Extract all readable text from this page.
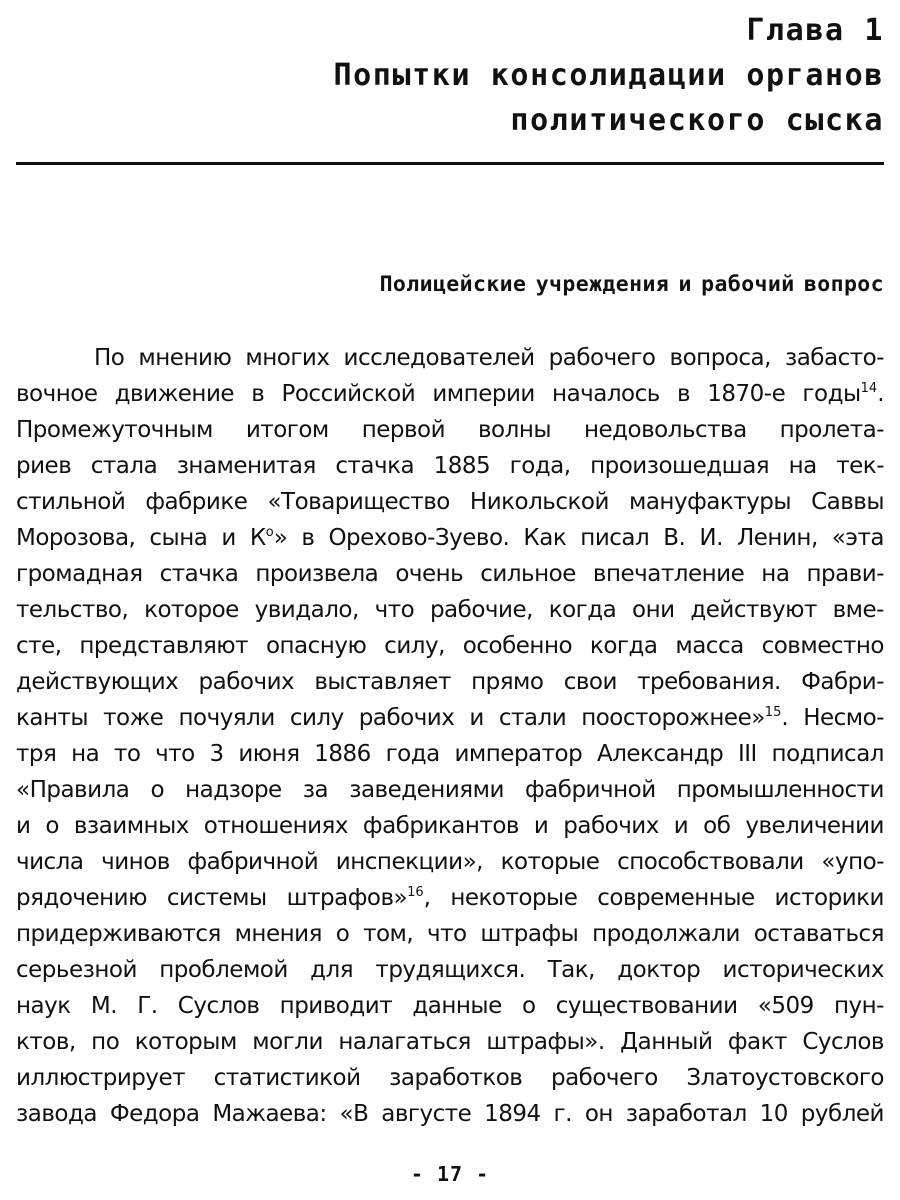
Глава 1
Попытки консолидации органов
политического сыска
Полицейские учреждения и рабочий вопрос
По мнению многих исследователей рабочего вопроса, забасто-
вочное движение в Российской империи началось в 1870-е годы$^{14}$.
Промежуточным итогом первой волны недовольства пролета-
риев стала знаменитая стачка 1885 года, произошедшая на тек-
стильной фабрике «Товарищество Никольской мануфактуры Саввы
Морозова, сына и К$^о$» в Орехово-Зуево. Как писал В. И. Ленин, «эта
громадная стачка произвела очень сильное впечатление на прави-
тельство, которое увидало, что рабочие, когда они действуют вме-
сте, представляют опасную силу, особенно когда масса совместно
действующих рабочих выставляет прямо свои требования. Фабри-
канты тоже почуяли силу рабочих и стали поосторожнее»$^{15}$. Несмо-
тря на то что 3 июня 1886 года император Александр III подписал
«Правила о надзоре за заведениями фабричной промышленности
и о взаимных отношениях фабрикантов и рабочих и об увеличении
числа чинов фабричной инспекции», которые способствовали «упо-
рядочению системы штрафов»$^{16}$, некоторые современные историки
придерживаются мнения о том, что штрафы продолжали оставаться
серьезной проблемой для трудящихся. Так, доктор исторических
наук М. Г. Суслов приводит данные о существовании «509 пун-
ктов, по которым могли налагаться штрафы». Данный факт Суслов
иллюстрирует статистикой заработков рабочего Златоустовского
завода Федора Мажаева: «В августе 1894 г. он заработал 10 рублей
- 17 -
